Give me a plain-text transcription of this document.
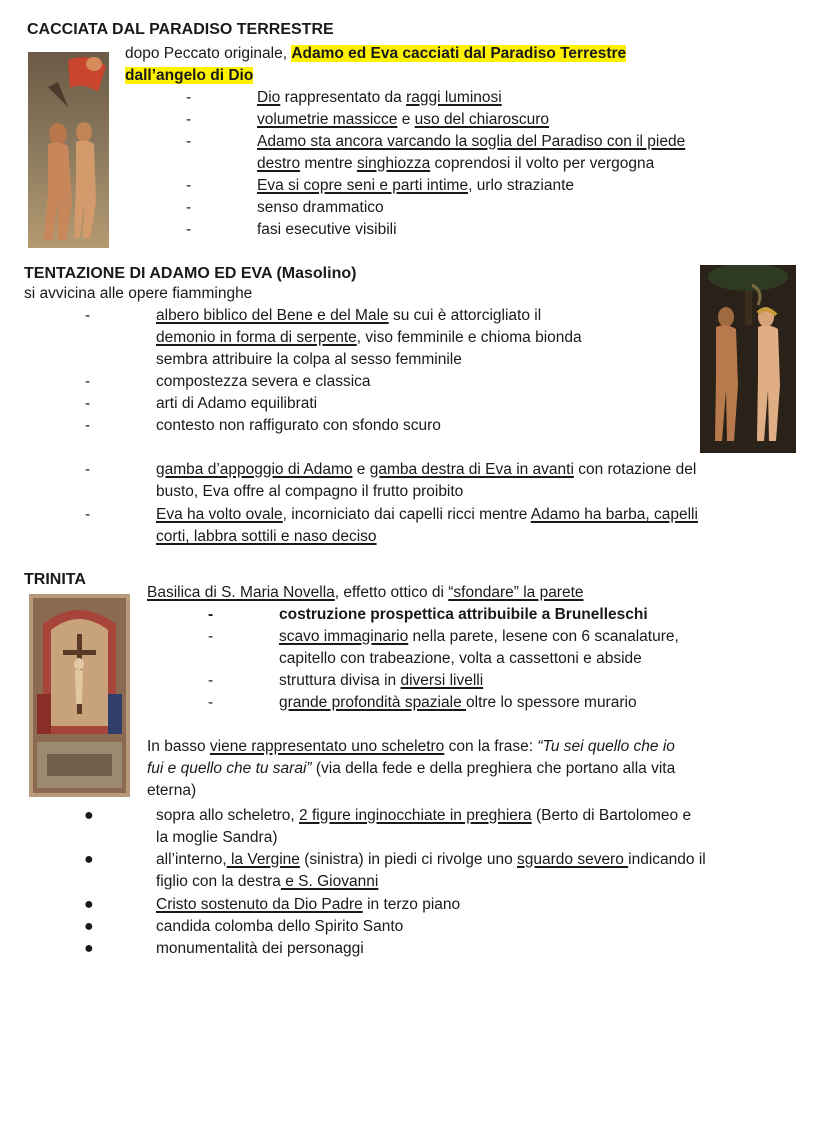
CACCIATA DAL PARADISO TERRESTRE
dopo Peccato originale, Adamo ed Eva cacciati dal Paradiso Terrestre
dall’angelo di Dio
-
Dio rappresentato da raggi luminosi
-
volumetrie massicce e uso del chiaroscuro
-
Adamo sta ancora varcando la soglia del Paradiso con il piede
destro mentre singhiozza coprendosi il volto per vergogna
-
Eva si copre seni e parti intime, urlo straziante
-
senso drammatico
-
fasi esecutive visibili
TENTAZIONE DI ADAMO ED EVA (Masolino)
si avvicina alle opere fiamminghe
-
albero biblico del Bene e del Male su cui è attorcigliato il
demonio in forma di serpente, viso femminile e chioma bionda
sembra attribuire la colpa al sesso femminile
-
compostezza severa e classica
-
arti di Adamo equilibrati
-
contesto non raffigurato con sfondo scuro
-
gamba d’appoggio di Adamo e gamba destra di Eva in avanti con rotazione del
busto, Eva offre al compagno il frutto proibito
-
Eva ha volto ovale, incorniciato dai capelli ricci mentre Adamo ha barba, capelli
corti, labbra sottili e naso deciso
TRINITA
Basilica di S. Maria Novella, effetto ottico di “sfondare” la parete
-
costruzione prospettica attribuibile a Brunelleschi
-
scavo immaginario nella parete, lesene con 6 scanalature,
capitello con trabeazione, volta a cassettoni e abside
-
struttura divisa in diversi livelli
-
grande profondità spaziale oltre lo spessore murario
In basso viene rappresentato uno scheletro con la frase: “Tu sei quello che io
fui e quello che tu sarai” (via della fede e della preghiera che portano alla vita
eterna)
●	sopra allo scheletro, 2 figure inginocchiate in preghiera (Berto di Bartolomeo e
la moglie Sandra)
●	all’interno, la Vergine (sinistra) in piedi ci rivolge uno sguardo severo indicando il
figlio con la destra e S. Giovanni
●	Cristo sostenuto da Dio Padre in terzo piano
●	candida colomba dello Spirito Santo
●	monumentalità dei personaggi
